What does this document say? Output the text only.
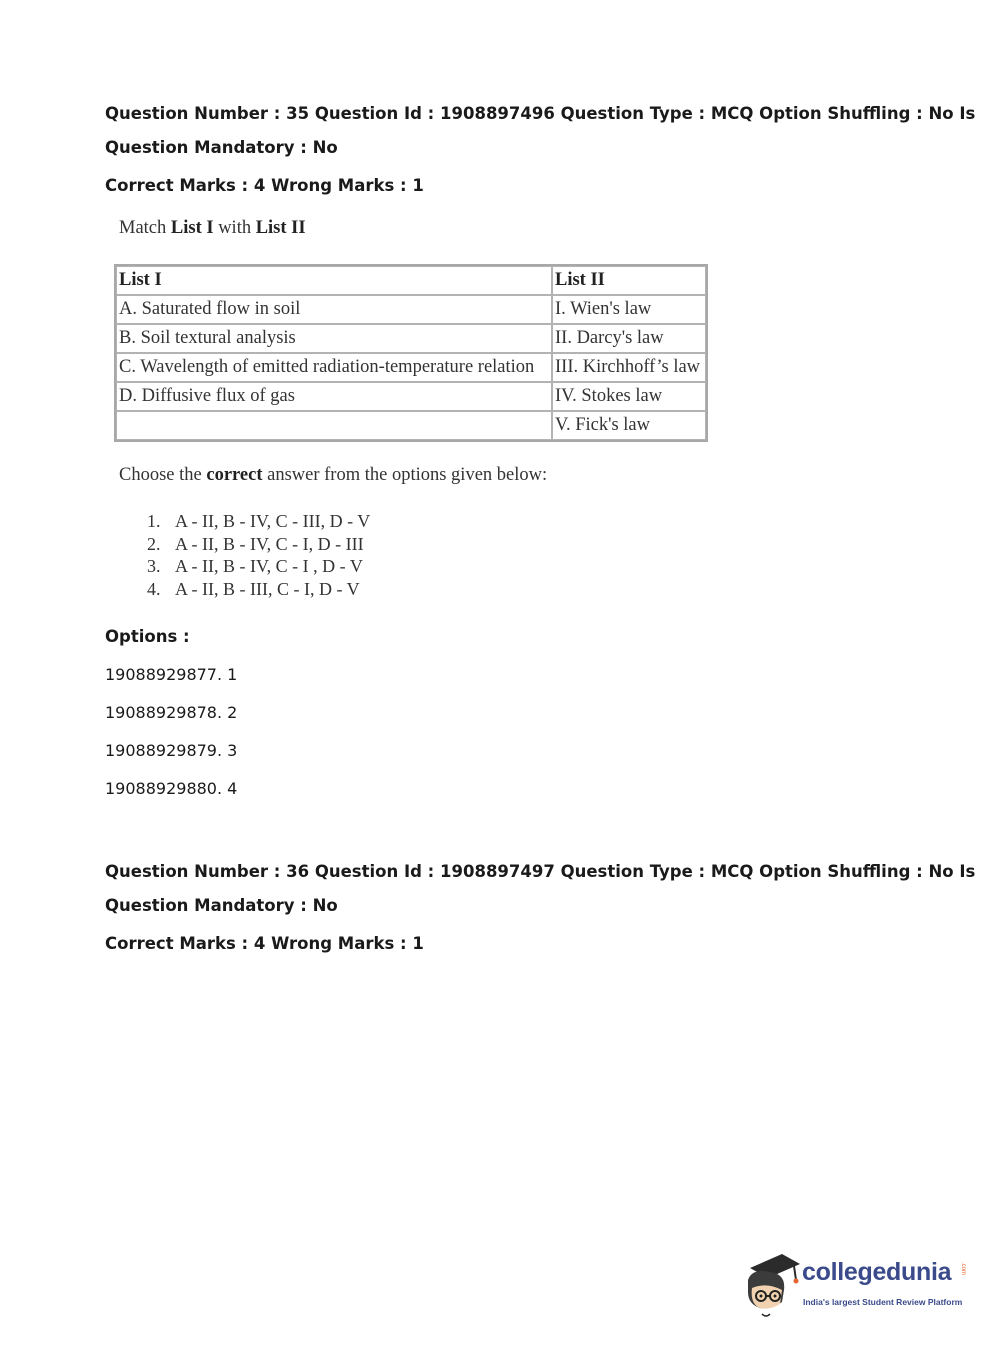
Question Number : 35 Question Id : 1908897496 Question Type : MCQ Option Shuffling : No Is
Question Mandatory : No
Correct Marks : 4 Wrong Marks : 1
Match List I with List II
List I	List II
A. Saturated flow in soil	I. Wien's law
B. Soil textural analysis	II. Darcy's law
C. Wavelength of emitted radiation-temperature relation	III. Kirchhoff’s law
D. Diffusive flux of gas	IV. Stokes law
	V. Fick's law
Choose the correct answer from the options given below:
1. A - II, B - IV, C - III, D - V
2. A - II, B - IV, C - I, D - III
3. A - II, B - IV, C - I , D - V
4. A - II, B - III, C - I, D - V
Options :
19088929877. 1
19088929878. 2
19088929879. 3
19088929880. 4
Question Number : 36 Question Id : 1908897497 Question Type : MCQ Option Shuffling : No Is
Question Mandatory : No
Correct Marks : 4 Wrong Marks : 1
collegedunia .com
India's largest Student Review Platform
